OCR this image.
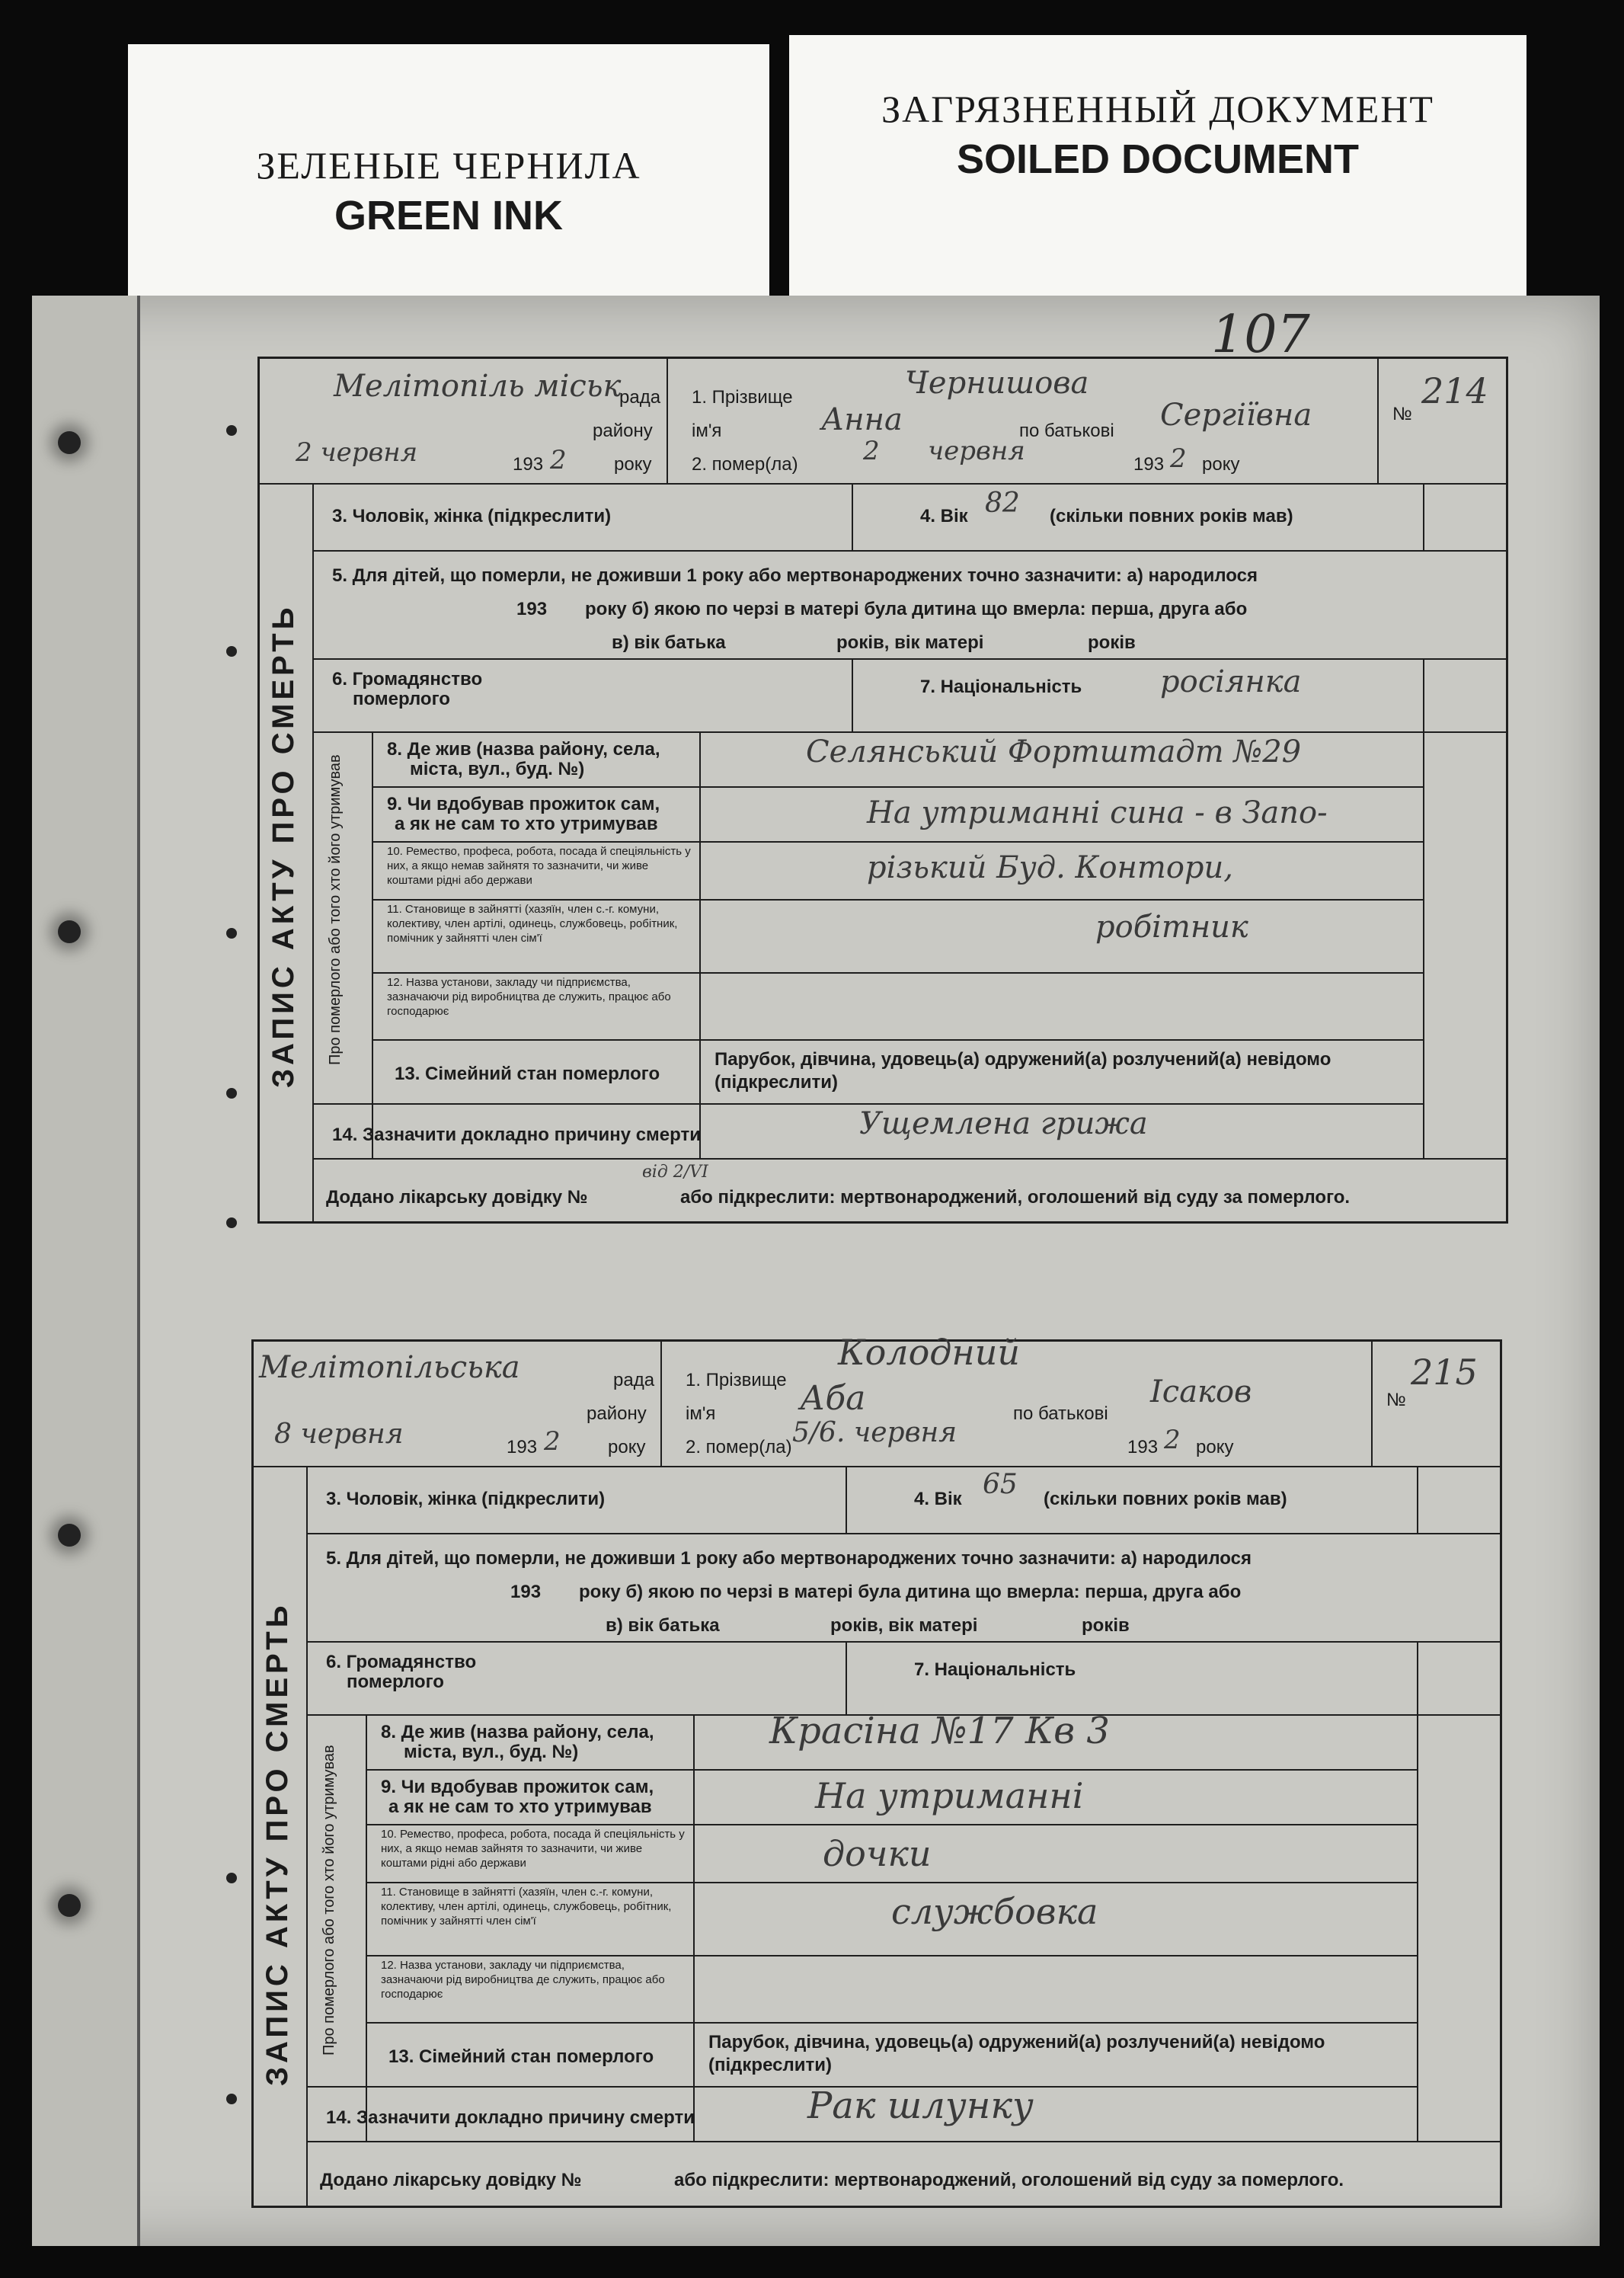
ЗЕЛЕНЫЕ ЧЕРНИЛА
GREEN INK
ЗАГРЯЗНЕННЫЙ ДОКУМЕНТ
SOILED DOCUMENT
107
Мелітопіль міськ
рада
району
2 червня	193 2	року
1. Прізвище	Чернишова
ім'я	Анна	по батькові Сергіївна
2. помер(ла)	2 червня	193 2 року
№
214
ЗАПИС АКТУ ПРО СМЕРТЬ Про померлого або того хто його утримував
3. Чоловік, жінка (підкреслити)	4. Вік 82 (скільки повних років мав)
5. Для дітей, що померли, не доживши 1 року або мертвонароджених точно зазначити: а) народилося
193 року б) якою по черзі в матері була дитина що вмерла: перша, друга або
в) вік батька	років, вік матері	років
6. Громадянство
померлого
7. Національність	росіянка
8. Де жив (назва району, села,
міста, вул., буд. №)	Селянський Фортштадт №29
9. Чи вдобував прожиток сам,
а як не сам то хто утримував	На утриманні сина - в Запо-
10. Ремество, професа, робота, посада й спеціяльність у них, а якщо немав зайнятя то зазначити, чи живе коштами рідні або держави	різький Буд. Контори,
11. Становище в зайнятті (хазяїн, член с.-г. комуни, колективу, член артілі, одинець, службовець, робітник, помічник у зайнятті член сім'ї	робітник
12. Назва установи, закладу чи підприємства, зазначаючи рід виробництва де служить, працює або господарює
13. Сімейний стан померлого
Парубок, дівчина, удовець(а) одружений(а) розлучений(а) невідомо (підкреслити)
14. Зазначити докладно причину смерти	Ущемлена грижа
Додано лікарську довідку №
від 2/VI
або підкреслити: мертвонароджений, оголошений від суду за померлого.
Мелітопільська	рада
району
8 червня	193 2	року
1. Прізвище
Колодний
ім'я	Аба	по батькові
Ісаков
2. помер(ла) 5/6. червня	193 2 року
№
215
ЗАПИС АКТУ ПРО СМЕРТЬ Про померлого або того хто його утримував
3. Чоловік, жінка (підкреслити)	4. Вік 65 (скільки повних років мав)
5. Для дітей, що померли, не доживши 1 року або мертвонароджених точно зазначити: а) народилося
193 року б) якою по черзі в матері була дитина що вмерла: перша, друга або
в) вік батька	років, вік матері	років
6. Громадянство
померлого
7. Національність
8. Де жив (назва району, села,
міста, вул., буд. №)	Красіна №17 Кв 3
9. Чи вдобував прожиток сам,
а як не сам то хто утримував	На утриманні
10. Ремество, професа, робота, посада й спеціяльність у них, а якщо немав зайнятя то зазначити, чи живе коштами рідні або держави	дочки
11. Становище в зайнятті (хазяїн, член с.-г. комуни, колективу, член артілі, одинець, службовець, робітник, помічник у зайнятті член сім'ї	службовка
12. Назва установи, закладу чи підприємства, зазначаючи рід виробництва де служить, працює або господарює
13. Сімейний стан померлого
Парубок, дівчина, удовець(а) одружений(а) розлучений(а) невідомо (підкреслити)
14. Зазначити докладно причину смерти	Рак шлунку
Додано лікарську довідку №	або підкреслити: мертвонароджений, оголошений від суду за померлого.
